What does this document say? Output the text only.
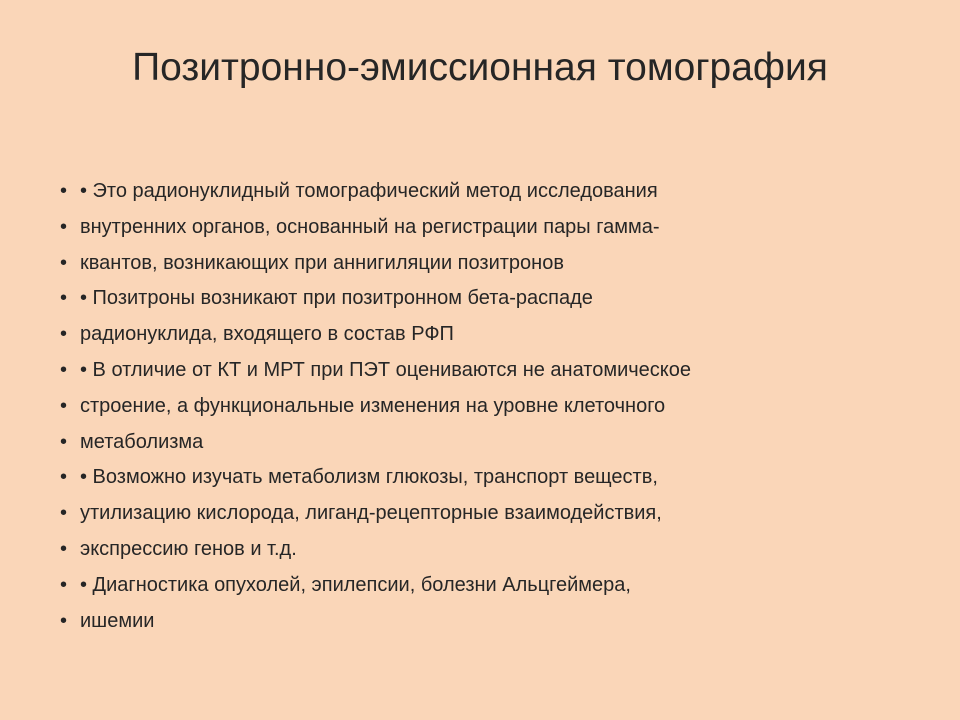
Позитронно-эмиссионная томография
• • Это радионуклидный томографический метод исследования
• внутренних органов, основанный на регистрации пары гамма-
• квантов, возникающих при аннигиляции позитронов
• • Позитроны возникают при позитронном бета-распаде
• радионуклида, входящего в состав РФП
• • В отличие от КТ и МРТ при ПЭТ оцениваются не анатомическое
• строение, а функциональные изменения на уровне клеточного
• метаболизма
• • Возможно изучать метаболизм глюкозы, транспорт веществ,
• утилизацию кислорода, лиганд-рецепторные взаимодействия,
• экспрессию генов и т.д.
• • Диагностика опухолей, эпилепсии, болезни Альцгеймера,
• ишемии
